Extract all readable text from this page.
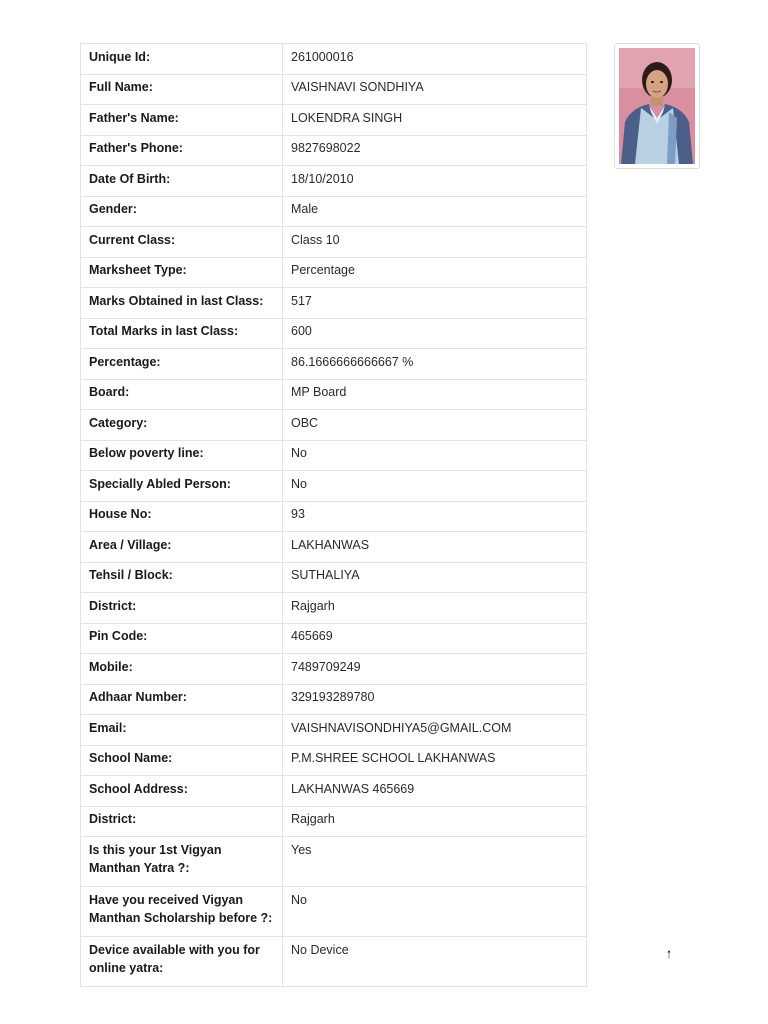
Unique Id:	261000016
Full Name:	VAISHNAVI SONDHIYA
Father's Name:	LOKENDRA SINGH
Father's Phone:	9827698022
Date Of Birth:	18/10/2010
Gender:	Male
Current Class:	Class 10
Marksheet Type:	Percentage
Marks Obtained in last Class:	517
Total Marks in last Class:	600
Percentage:	86.1666666666667 %
Board:	MP Board
Category:	OBC
Below poverty line:	No
Specially Abled Person:	No
House No:	93
Area / Village:	LAKHANWAS
Tehsil / Block:	SUTHALIYA
District:	Rajgarh
Pin Code:	465669
Mobile:	7489709249
Adhaar Number:	329193289780
Email:	VAISHNAVISONDHIYA5@GMAIL.COM
School Name:	P.M.SHREE SCHOOL LAKHANWAS
School Address:	LAKHANWAS 465669
District:	Rajgarh
Is this your 1st Vigyan Manthan Yatra ?:	Yes
Have you received Vigyan Manthan Scholarship before ?:	No
Device available with you for online yatra:	No Device	🠑
